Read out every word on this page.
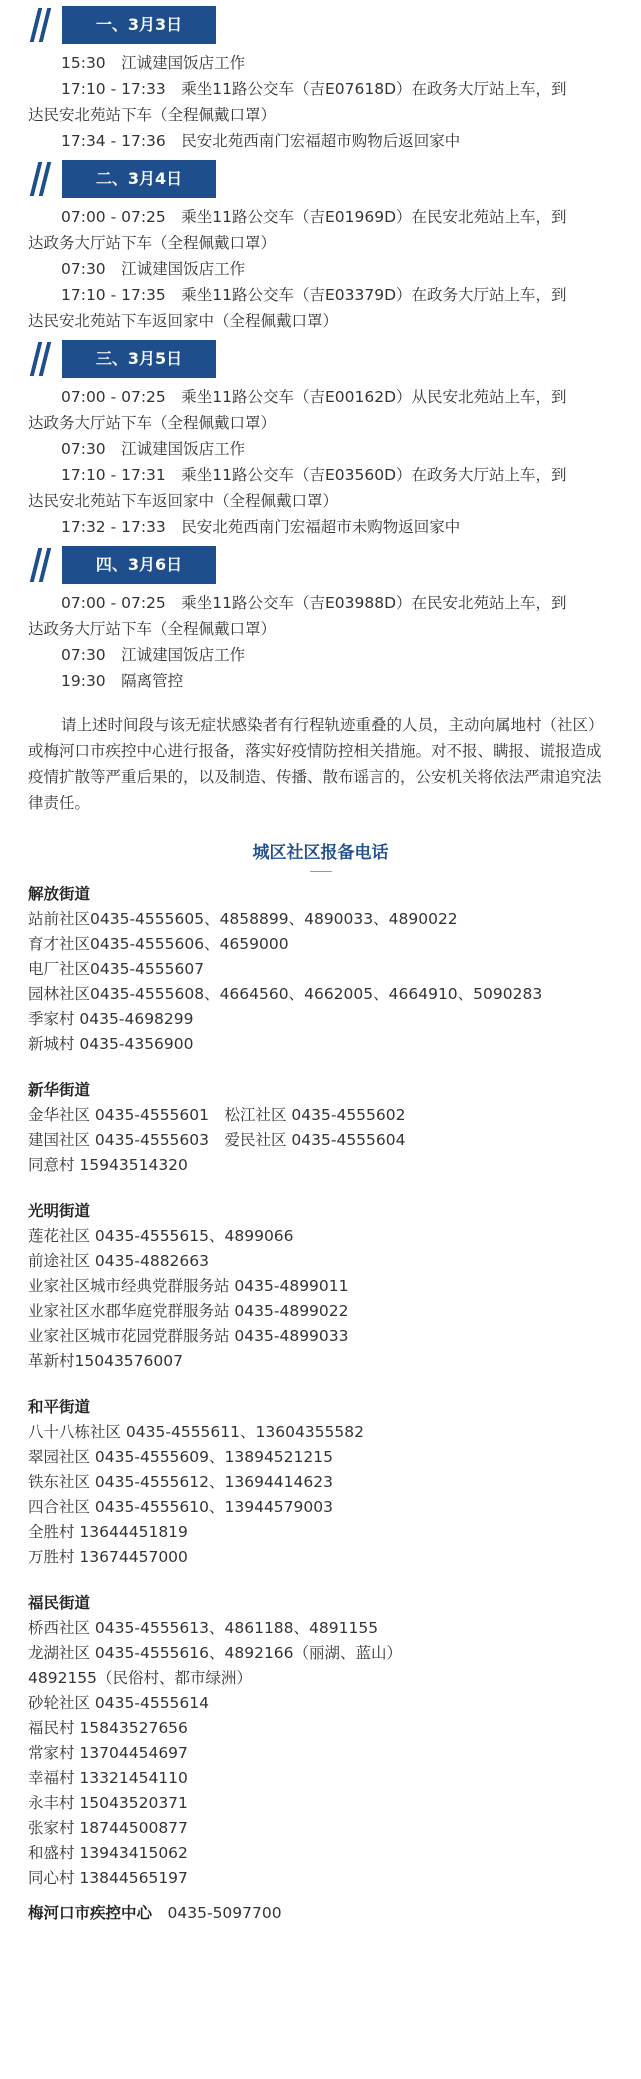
一、3月3日
15:30　江诚建国饭店工作
17:10 - 17:33　乘坐11路公交车（吉E07618D）在政务大厅站上车，到
达民安北苑站下车（全程佩戴口罩）
17:34 - 17:36　民安北苑西南门宏福超市购物后返回家中
二、3月4日
07:00 - 07:25　乘坐11路公交车（吉E01969D）在民安北苑站上车，到
达政务大厅站下车（全程佩戴口罩）
07:30　江诚建国饭店工作
17:10 - 17:35　乘坐11路公交车（吉E03379D）在政务大厅站上车，到
达民安北苑站下车返回家中（全程佩戴口罩）
三、3月5日
07:00 - 07:25　乘坐11路公交车（吉E00162D）从民安北苑站上车，到
达政务大厅站下车（全程佩戴口罩）
07:30　江诚建国饭店工作
17:10 - 17:31　乘坐11路公交车（吉E03560D）在政务大厅站上车，到
达民安北苑站下车返回家中（全程佩戴口罩）
17:32 - 17:33　民安北苑西南门宏福超市未购物返回家中
四、3月6日
07:00 - 07:25　乘坐11路公交车（吉E03988D）在民安北苑站上车，到
达政务大厅站下车（全程佩戴口罩）
07:30　江诚建国饭店工作
19:30　隔离管控
请上述时间段与该无症状感染者有行程轨迹重叠的人员，主动向属地村（社区）或梅河口市疾控中心进行报备，落实好疫情防控相关措施。对不报、瞒报、谎报造成疫情扩散等严重后果的，以及制造、传播、散布谣言的，公安机关将依法严肃追究法律责任。
城区社区报备电话
解放街道
站前社区0435-4555605、4858899、4890033、4890022
育才社区0435-4555606、4659000
电厂社区0435-4555607
园林社区0435-4555608、4664560、4662005、4664910、5090283
季家村 0435-4698299
新城村 0435-4356900
新华街道
金华社区 0435-4555601　松江社区 0435-4555602
建国社区 0435-4555603　爱民社区 0435-4555604
同意村 15943514320
光明街道
莲花社区 0435-4555615、4899066
前途社区 0435-4882663
业家社区城市经典党群服务站 0435-4899011
业家社区水郡华庭党群服务站 0435-4899022
业家社区城市花园党群服务站 0435-4899033
革新村15043576007
和平街道
八十八栋社区 0435-4555611、13604355582
翠园社区 0435-4555609、13894521215
铁东社区 0435-4555612、13694414623
四合社区 0435-4555610、13944579003
全胜村 13644451819
万胜村 13674457000
福民街道
桥西社区 0435-4555613、4861188、4891155
龙湖社区 0435-4555616、4892166（丽湖、蓝山）
4892155（民俗村、都市绿洲）
砂轮社区 0435-4555614
福民村 15843527656
常家村 13704454697
幸福村 13321454110
永丰村 15043520371
张家村 18744500877
和盛村 13943415062
同心村 13844565197
梅河口市疾控中心　 0435-5097700
